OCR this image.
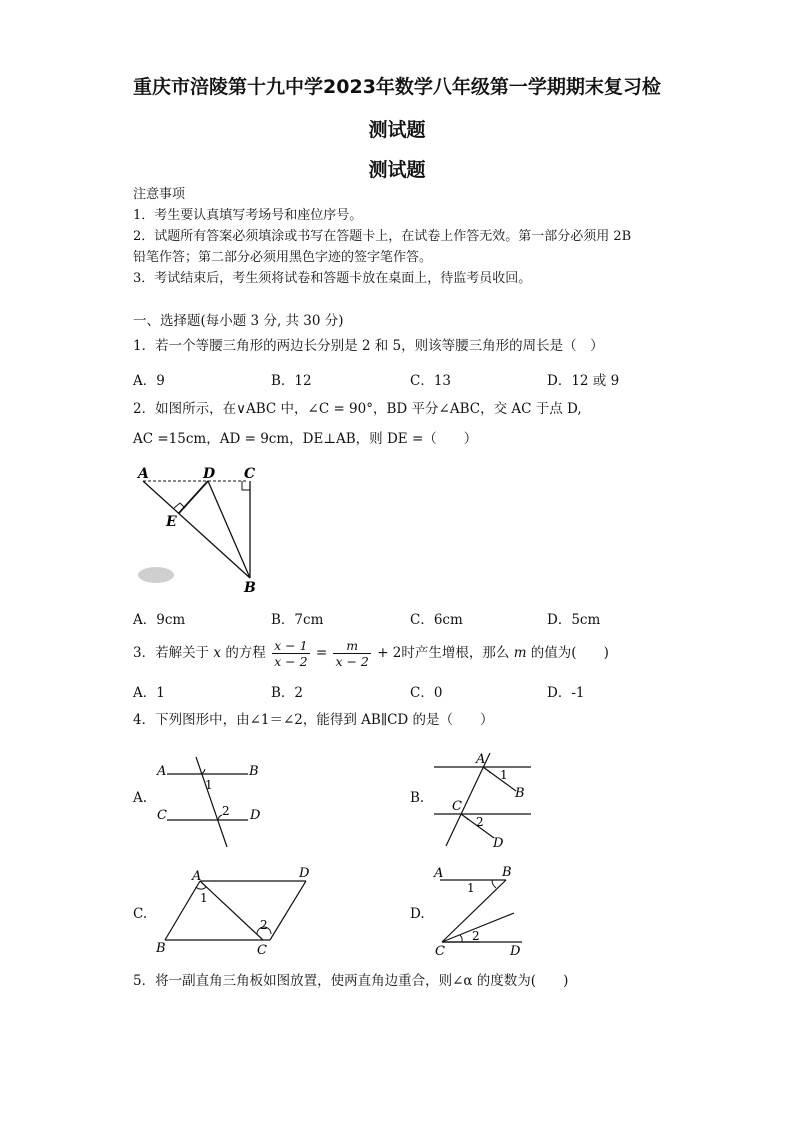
重庆市涪陵第十九中学2023年数学八年级第一学期期末复习检
测试题
测试题
注意事项
1．考生要认真填写考场号和座位序号。
2．试题所有答案必须填涂或书写在答题卡上，在试卷上作答无效。第一部分必须用 2B
铅笔作答；第二部分必须用黑色字迹的签字笔作答。
3．考试结束后，考生须将试卷和答题卡放在桌面上，待监考员收回。
一、选择题(每小题 3 分, 共 30 分)
1．若一个等腰三角形的两边长分别是 2 和 5，则该等腰三角形的周长是（　）
A．9	B．12	C．13	D．12 或 9
2．如图所示，在∨ABC 中，∠C = 90°，BD 平分∠ABC，交 AC 于点 D,
AC =15cm，AD = 9cm，DE⊥AB，则 DE =（　　）
A	D C
E
B
A．9cm	B．7cm	C．6cm	D．5cm
3．若解关于 x 的方程 $\frac{x - 1}{x - 2} = \frac{m}{x - 2} + 2$时产生增根，那么 m 的值为(　　)
A．1	B．2	C．0	D．-1
4．下列图形中，由∠1＝∠2，能得到 AB∥CD 的是（　　）
A.
A	B
C	D
1
2
B.
A
B
C
D
1
2
C.
A	D
B	C
1
2
D.
A	B
C	D
1
2
5．将一副直角三角板如图放置，使两直角边重合，则∠α 的度数为(　　)
